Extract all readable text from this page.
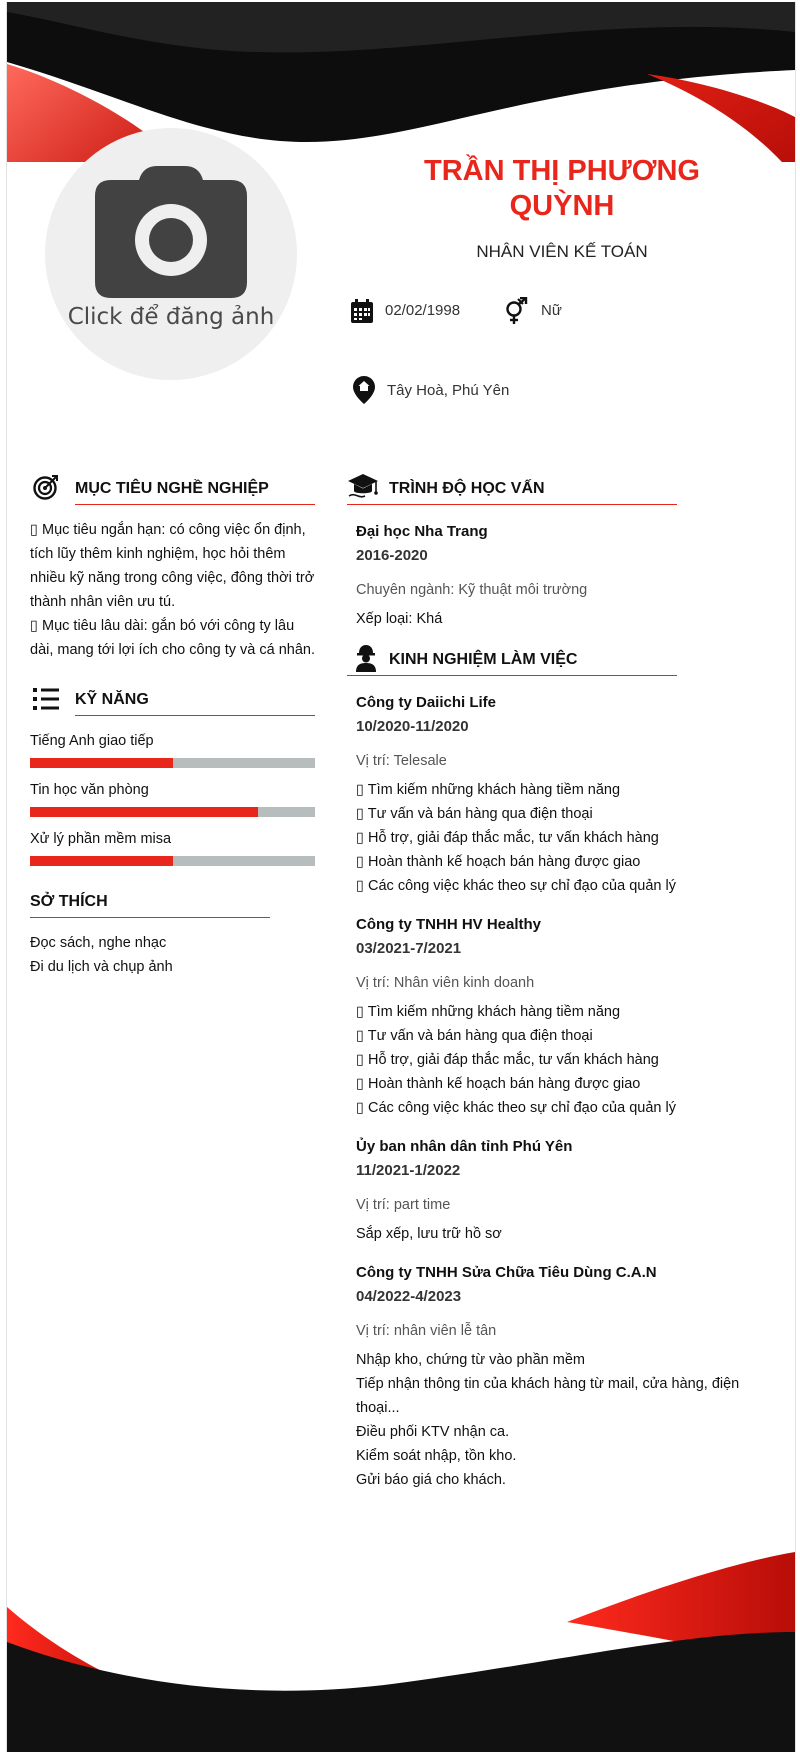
Click để đăng ảnh
TRẦN THỊ PHƯƠNG
QUỲNH
NHÂN VIÊN KẾ TOÁN
02/02/1998	Nữ
Tây Hoà, Phú Yên
MỤC TIÊU NGHỀ NGHIỆP
▯ Mục tiêu ngắn hạn: có công việc ổn định,
tích lũy thêm kinh nghiệm, học hỏi thêm
nhiều kỹ năng trong công việc, đông thời trở
thành nhân viên ưu tú.
▯ Mục tiêu lâu dài: gắn bó với công ty lâu
dài, mang tới lợi ích cho công ty và cá nhân.
KỸ NĂNG
Tiếng Anh giao tiếp
Tin học văn phòng
Xử lý phần mềm misa
SỞ THÍCH
Đọc sách, nghe nhạc
Đi du lịch và chụp ảnh
TRÌNH ĐỘ HỌC VẤN
Đại học Nha Trang
2016-2020
Chuyên ngành: Kỹ thuật môi trường
Xếp loại: Khá
KINH NGHIỆM LÀM VIỆC
Công ty Daiichi Life
10/2020-11/2020
Vị trí: Telesale
▯ Tìm kiếm những khách hàng tiềm năng
▯ Tư vấn và bán hàng qua điện thoại
▯ Hỗ trợ, giải đáp thắc mắc, tư vấn khách hàng
▯ Hoàn thành kế hoạch bán hàng được giao
▯ Các công việc khác theo sự chỉ đạo của quản lý
Công ty TNHH HV Healthy
03/2021-7/2021
Vị trí: Nhân viên kinh doanh
▯ Tìm kiếm những khách hàng tiềm năng
▯ Tư vấn và bán hàng qua điện thoại
▯ Hỗ trợ, giải đáp thắc mắc, tư vấn khách hàng
▯ Hoàn thành kế hoạch bán hàng được giao
▯ Các công việc khác theo sự chỉ đạo của quản lý
Ủy ban nhân dân tỉnh Phú Yên
11/2021-1/2022
Vị trí: part time
Sắp xếp, lưu trữ hồ sơ
Công ty TNHH Sửa Chữa Tiêu Dùng C.A.N
04/2022-4/2023
Vị trí: nhân viên lễ tân
Nhập kho, chứng từ vào phần mềm
Tiếp nhận thông tin của khách hàng từ mail, cửa hàng, điện
thoại...
Điều phối KTV nhận ca.
Kiểm soát nhập, tồn kho.
Gửi báo giá cho khách.
